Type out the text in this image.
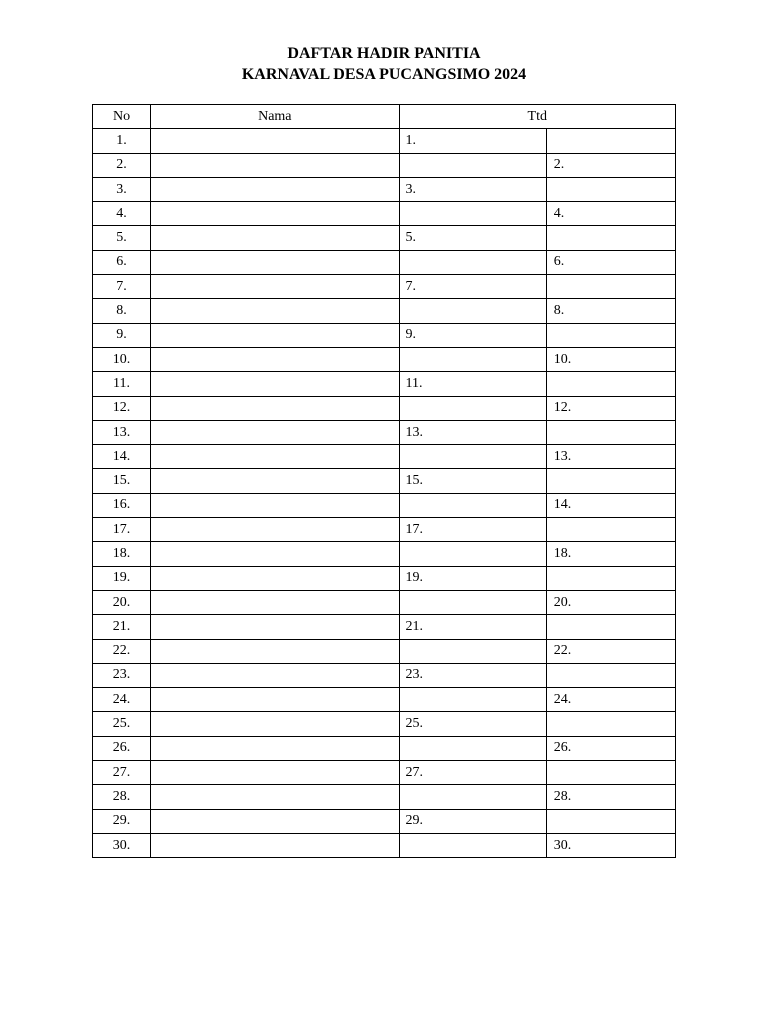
DAFTAR HADIR PANITIA
KARNAVAL DESA PUCANGSIMO 2024
No	Nama	Ttd	
1.		1.	
2.			2.
3.		3.	
4.			4.
5.		5.	
6.			6.
7.		7.	
8.			8.
9.		9.	
10.			10.
11.		11.	
12.			12.
13.		13.	
14.			13.
15.		15.	
16.			14.
17.		17.	
18.			18.
19.		19.	
20.			20.
21.		21.	
22.			22.
23.		23.	
24.			24.
25.		25.	
26.			26.
27.		27.	
28.			28.
29.		29.	
30.			30.
